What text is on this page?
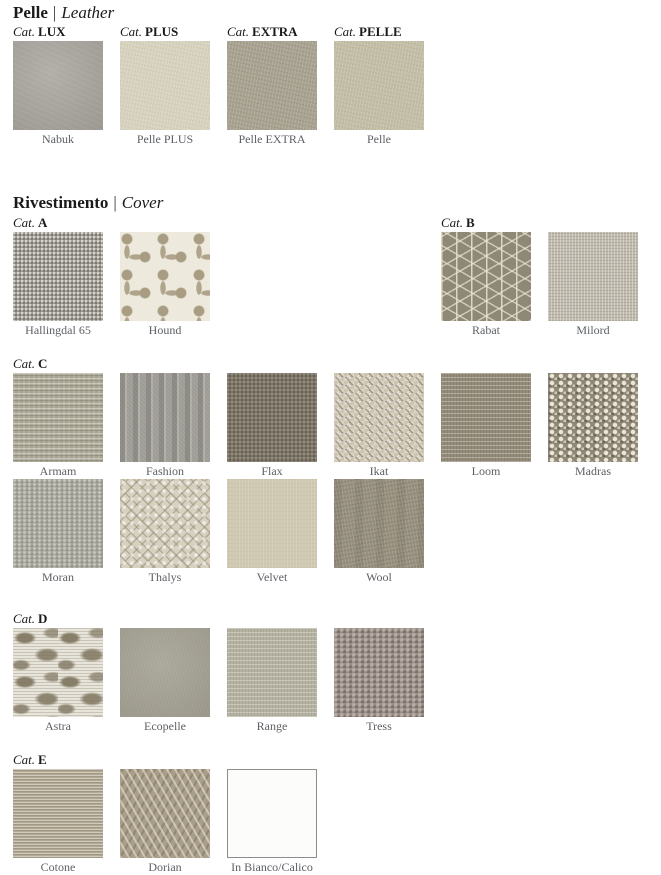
Pelle | Leather
Cat. LUX	Cat. PLUS	Cat. EXTRA	Cat. PELLE
Nabuk	Pelle PLUS	Pelle EXTRA	Pelle
Rivestimento | Cover
Cat. A	Cat. B
Hallingdal 65	Hound	Rabat	Milord
Cat. C
Armam	Fashion	Flax	Ikat	Loom	Madras
Moran	Thalys	Velvet	Wool
Cat. D
Astra	Ecopelle	Range	Tress
Cat. E
Cotone	Dorian	In Bianco/Calico
